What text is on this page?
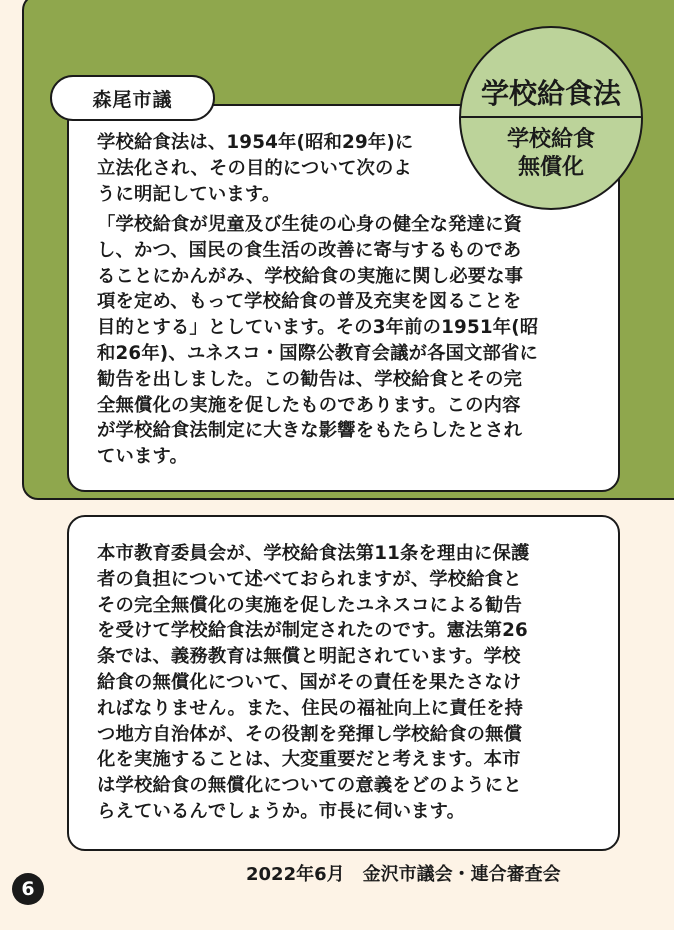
森尾市議
学校給食法は、1954年(昭和29年)に
立法化され、その目的について次のよ
うに明記しています。
「学校給食が児童及び生徒の心身の健全な発達に資
し、かつ、国民の食生活の改善に寄与するものであ
ることにかんがみ、学校給食の実施に関し必要な事
項を定め、もって学校給食の普及充実を図ることを
目的とする」としています。その3年前の1951年(昭
和26年)、ユネスコ・国際公教育会議が各国文部省に
勧告を出しました。この勧告は、学校給食とその完
全無償化の実施を促したものであります。この内容
が学校給食法制定に大きな影響をもたらしたとされ
ています。
学校給食法
学校給食
無償化
本市教育委員会が、学校給食法第11条を理由に保護
者の負担について述べておられますが、学校給食と
その完全無償化の実施を促したユネスコによる勧告
を受けて学校給食法が制定されたのです。憲法第26
条では、義務教育は無償と明記されています。学校
給食の無償化について、国がその責任を果たさなけ
ればなりません。また、住民の福祉向上に責任を持
つ地方自治体が、その役割を発揮し学校給食の無償
化を実施することは、大変重要だと考えます。本市
は学校給食の無償化についての意義をどのようにと
らえているんでしょうか。市長に伺います。
2022年6月　金沢市議会・連合審査会
6
